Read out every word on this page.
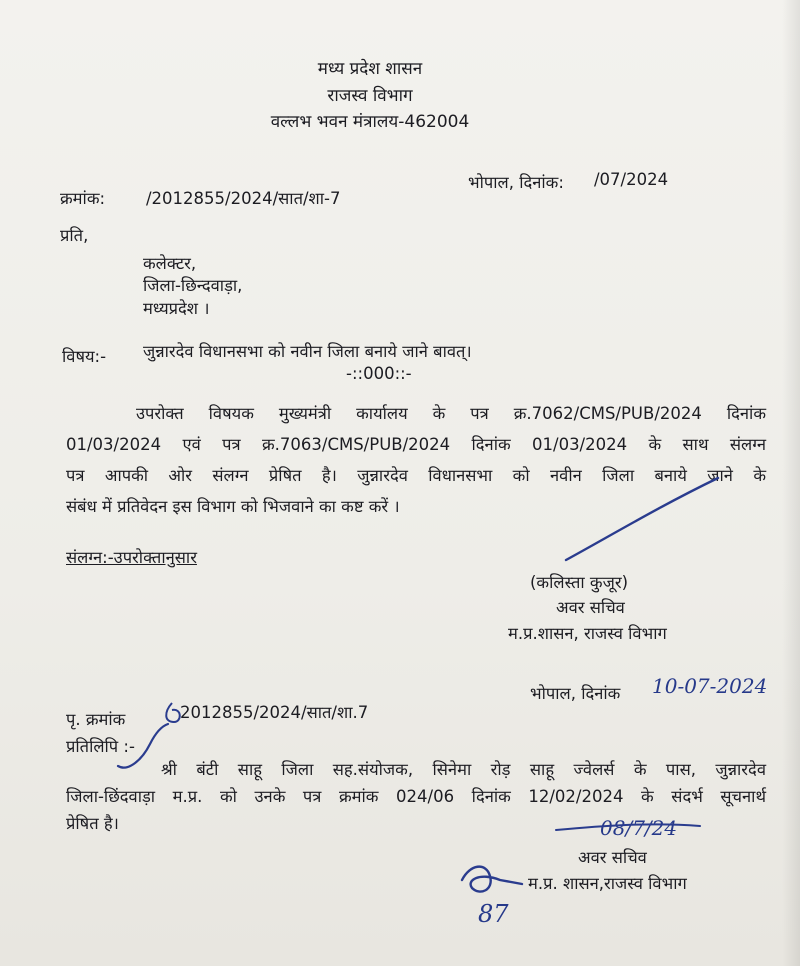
मध्य प्रदेश शासन
राजस्व विभाग
वल्लभ भवन मंत्रालय-462004
क्रमांक: /2012855/2024/सात/शा-7
भोपाल, दिनांक: /07/2024
प्रति,
कलेक्टर,
जिला-छिन्दवाड़ा,
मध्यप्रदेश ।
विषय:- जुन्नारदेव विधानसभा को नवीन जिला बनाये जाने बावत्।
-::000::-
उपरोक्त विषयक मुख्यमंत्री कार्यालय के पत्र क्र.7062/CMS/PUB/2024 दिनांक
01/03/2024 एवं पत्र क्र.7063/CMS/PUB/2024 दिनांक 01/03/2024 के साथ संलग्न
पत्र आपकी ओर संलग्न प्रेषित है। जुन्नारदेव विधानसभा को नवीन जिला बनाये जाने के
संबंध में प्रतिवेदन इस विभाग को भिजवाने का कष्ट करें ।
संलग्न:-उपरोक्तानुसार
(कलिस्ता कुजूर)
अवर सचिव
म.प्र.शासन, राजस्व विभाग
भोपाल, दिनांक 10-07-2024
पृ. क्रमांक	2012855/2024/सात/शा.7
प्रतिलिपि :-
श्री बंटी साहू जिला सह.संयोजक, सिनेमा रोड़ साहू ज्वेलर्स के पास, जुन्नारदेव
जिला-छिंदवाड़ा म.प्र. को उनके पत्र क्रमांक 024/06 दिनांक 12/02/2024 के संदर्भ सूचनार्थ
प्रेषित है।	08/7/24
अवर सचिव
म.प्र. शासन,राजस्व विभाग
87
